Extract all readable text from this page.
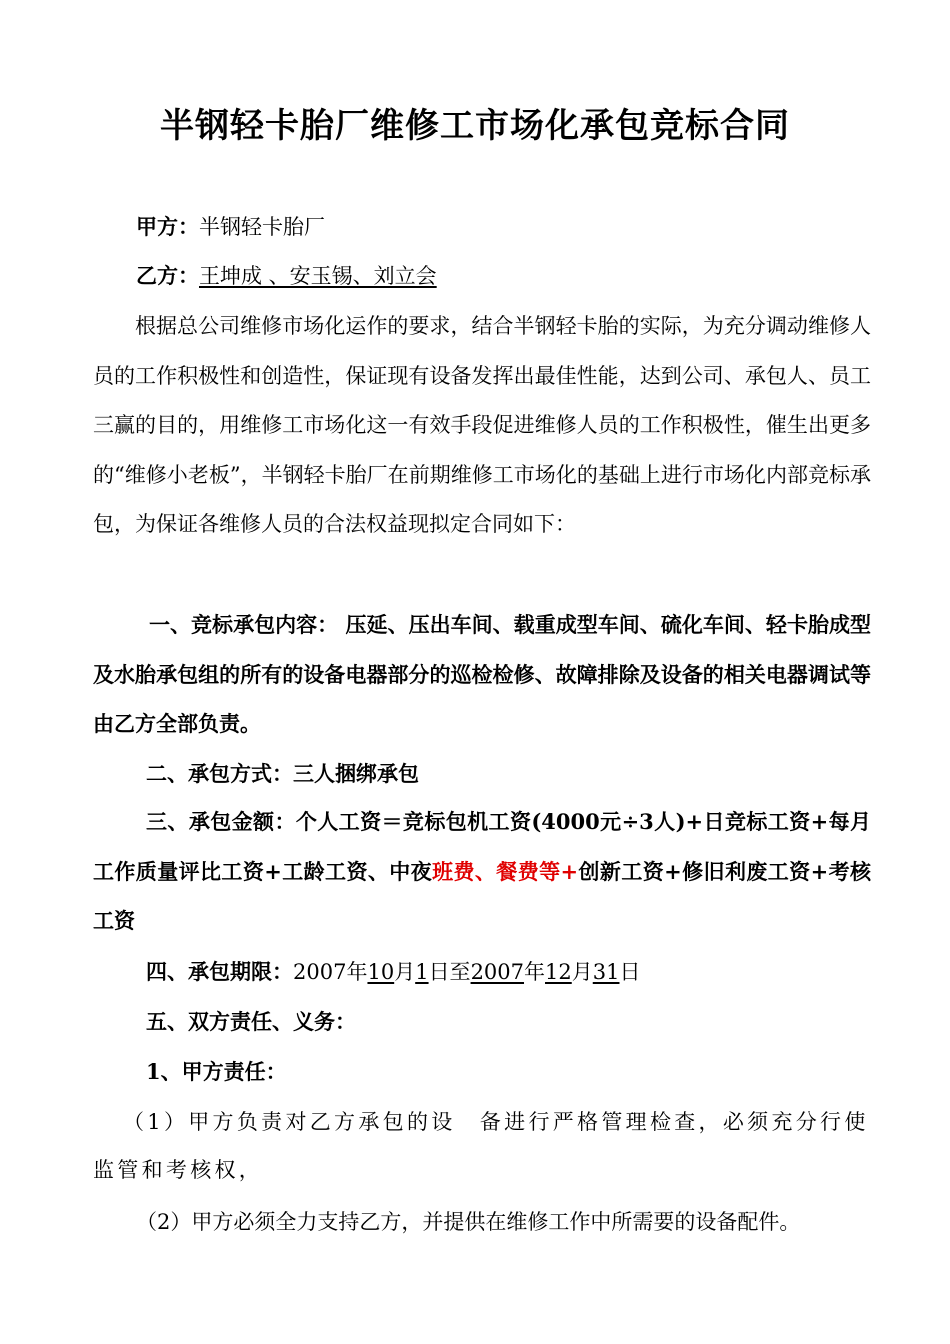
半钢轻卡胎厂维修工市场化承包竞标合同
甲方：半钢轻卡胎厂
乙方：王坤成 、安玉锡、刘立会
根据总公司维修市场化运作的要求，结合半钢轻卡胎的实际，为充分调动维修人员的工作积极性和创造性，保证现有设备发挥出最佳性能，达到公司、承包人、员工三赢的目的，用维修工市场化这一有效手段促进维修人员的工作积极性，催生出更多的“维修小老板”，半钢轻卡胎厂在前期维修工市场化的基础上进行市场化内部竞标承包，为保证各维修人员的合法权益现拟定合同如下：
一、竞标承包内容： 压延、压出车间、载重成型车间、硫化车间、轻卡胎成型及水胎承包组的所有的设备电器部分的巡检检修、故障排除及设备的相关电器调试等由乙方全部负责。
二、承包方式：三人捆绑承包
三、承包金额：个人工资＝竞标包机工资(4000元÷3人)+日竞标工资+每月工作质量评比工资+工龄工资、中夜班费、餐费等+创新工资+修旧利废工资+考核工资
四、承包期限：2007年10月1日至2007年12月31日
五、双方责任、义务：
1、甲方责任：
（1）甲方负责对乙方承包的设　备进行严格管理检查，必须充分行使监管和考核权，
（2）甲方必须全力支持乙方，并提供在维修工作中所需要的设备配件。
